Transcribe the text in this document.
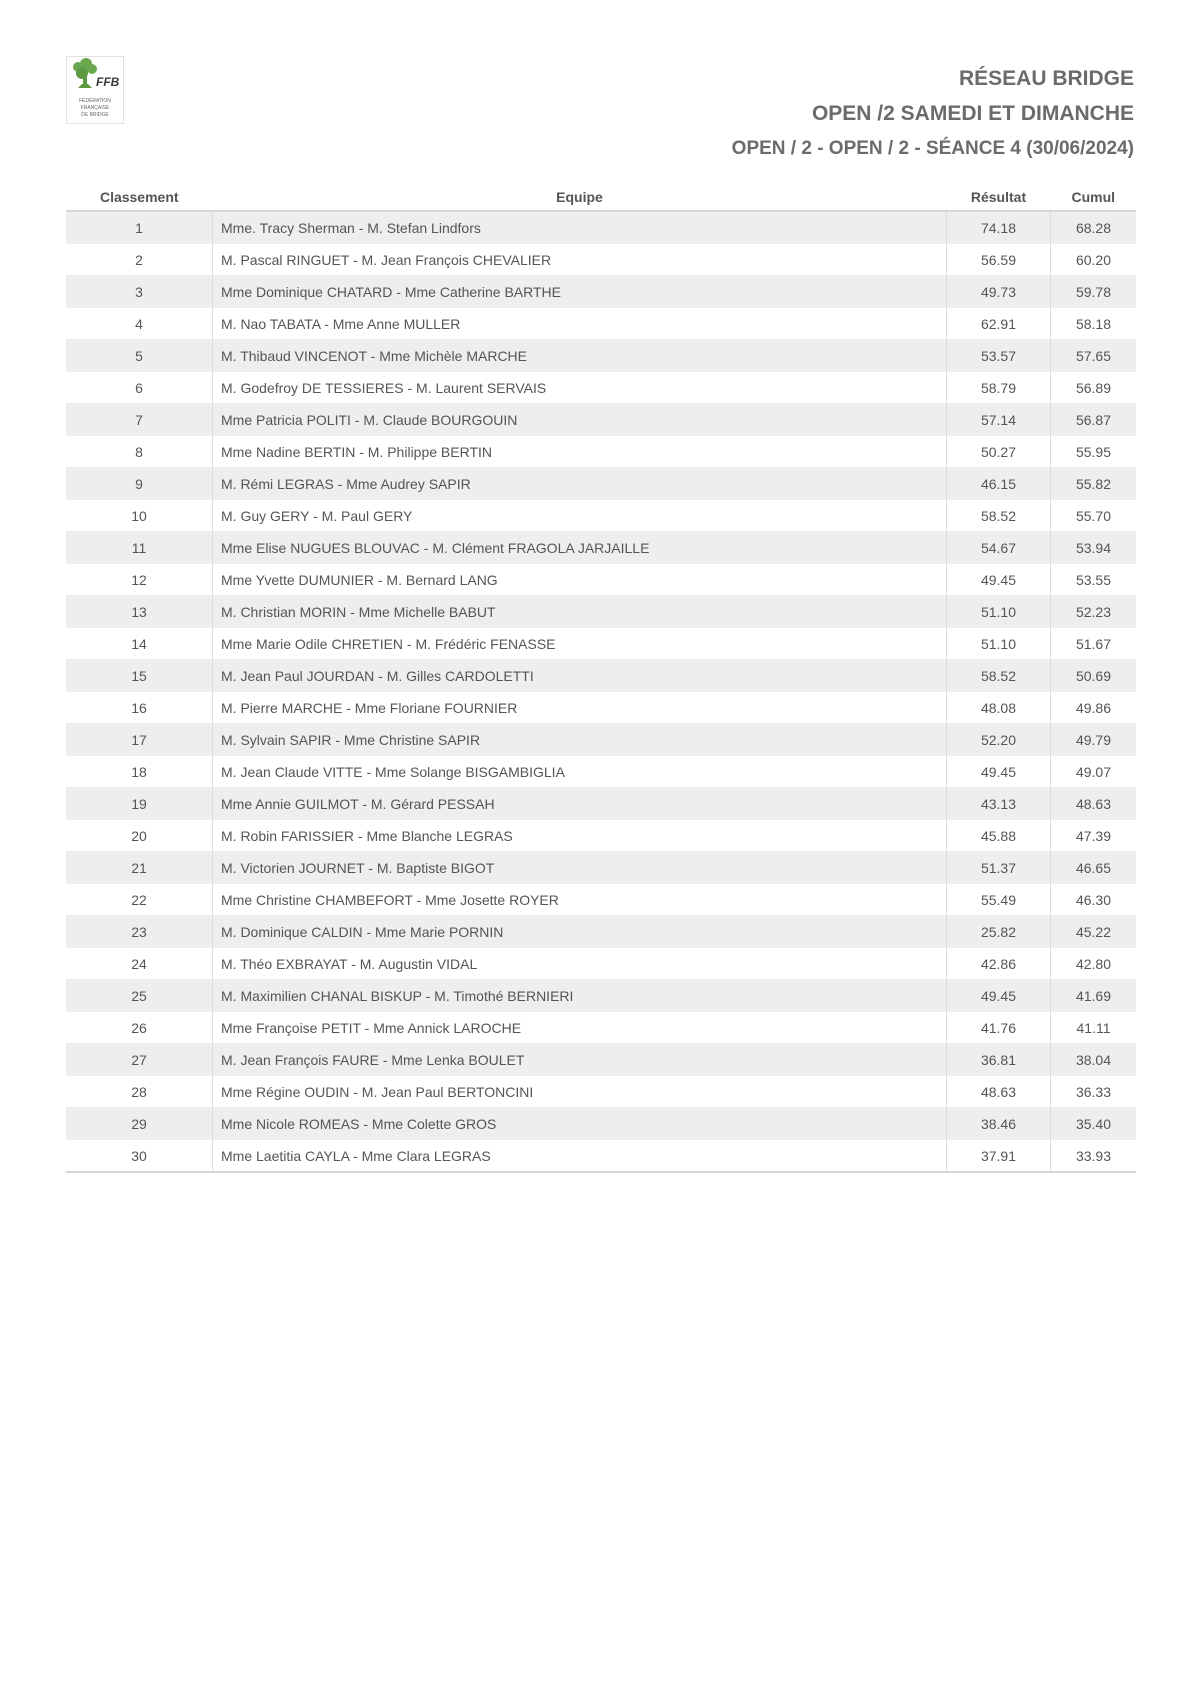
FFB
FÉDÉRATION
FRANÇAISE
DE BRIDGE
RÉSEAU BRIDGE
OPEN /2 SAMEDI ET DIMANCHE
OPEN / 2 - OPEN / 2 - SÉANCE 4 (30/06/2024)
Classement	Equipe	Résultat	Cumul
1	Mme. Tracy Sherman - M. Stefan Lindfors	74.18	68.28
2	M. Pascal RINGUET - M. Jean François CHEVALIER	56.59	60.20
3	Mme Dominique CHATARD - Mme Catherine BARTHE	49.73	59.78
4	M. Nao TABATA - Mme Anne MULLER	62.91	58.18
5	M. Thibaud VINCENOT - Mme Michèle MARCHE	53.57	57.65
6	M. Godefroy DE TESSIERES - M. Laurent SERVAIS	58.79	56.89
7	Mme Patricia POLITI - M. Claude BOURGOUIN	57.14	56.87
8	Mme Nadine BERTIN - M. Philippe BERTIN	50.27	55.95
9	M. Rémi LEGRAS - Mme Audrey SAPIR	46.15	55.82
10	M. Guy GERY - M. Paul GERY	58.52	55.70
11	Mme Elise NUGUES BLOUVAC - M. Clément FRAGOLA JARJAILLE	54.67	53.94
12	Mme Yvette DUMUNIER - M. Bernard LANG	49.45	53.55
13	M. Christian MORIN - Mme Michelle BABUT	51.10	52.23
14	Mme Marie Odile CHRETIEN - M. Frédéric FENASSE	51.10	51.67
15	M. Jean Paul JOURDAN - M. Gilles CARDOLETTI	58.52	50.69
16	M. Pierre MARCHE - Mme Floriane FOURNIER	48.08	49.86
17	M. Sylvain SAPIR - Mme Christine SAPIR	52.20	49.79
18	M. Jean Claude VITTE - Mme Solange BISGAMBIGLIA	49.45	49.07
19	Mme Annie GUILMOT - M. Gérard PESSAH	43.13	48.63
20	M. Robin FARISSIER - Mme Blanche LEGRAS	45.88	47.39
21	M. Victorien JOURNET - M. Baptiste BIGOT	51.37	46.65
22	Mme Christine CHAMBEFORT - Mme Josette ROYER	55.49	46.30
23	M. Dominique CALDIN - Mme Marie PORNIN	25.82	45.22
24	M. Théo EXBRAYAT - M. Augustin VIDAL	42.86	42.80
25	M. Maximilien CHANAL BISKUP - M. Timothé BERNIERI	49.45	41.69
26	Mme Françoise PETIT - Mme Annick LAROCHE	41.76	41.11
27	M. Jean François FAURE - Mme Lenka BOULET	36.81	38.04
28	Mme Régine OUDIN - M. Jean Paul BERTONCINI	48.63	36.33
29	Mme Nicole ROMEAS - Mme Colette GROS	38.46	35.40
30	Mme Laetitia CAYLA - Mme Clara LEGRAS	37.91	33.93
